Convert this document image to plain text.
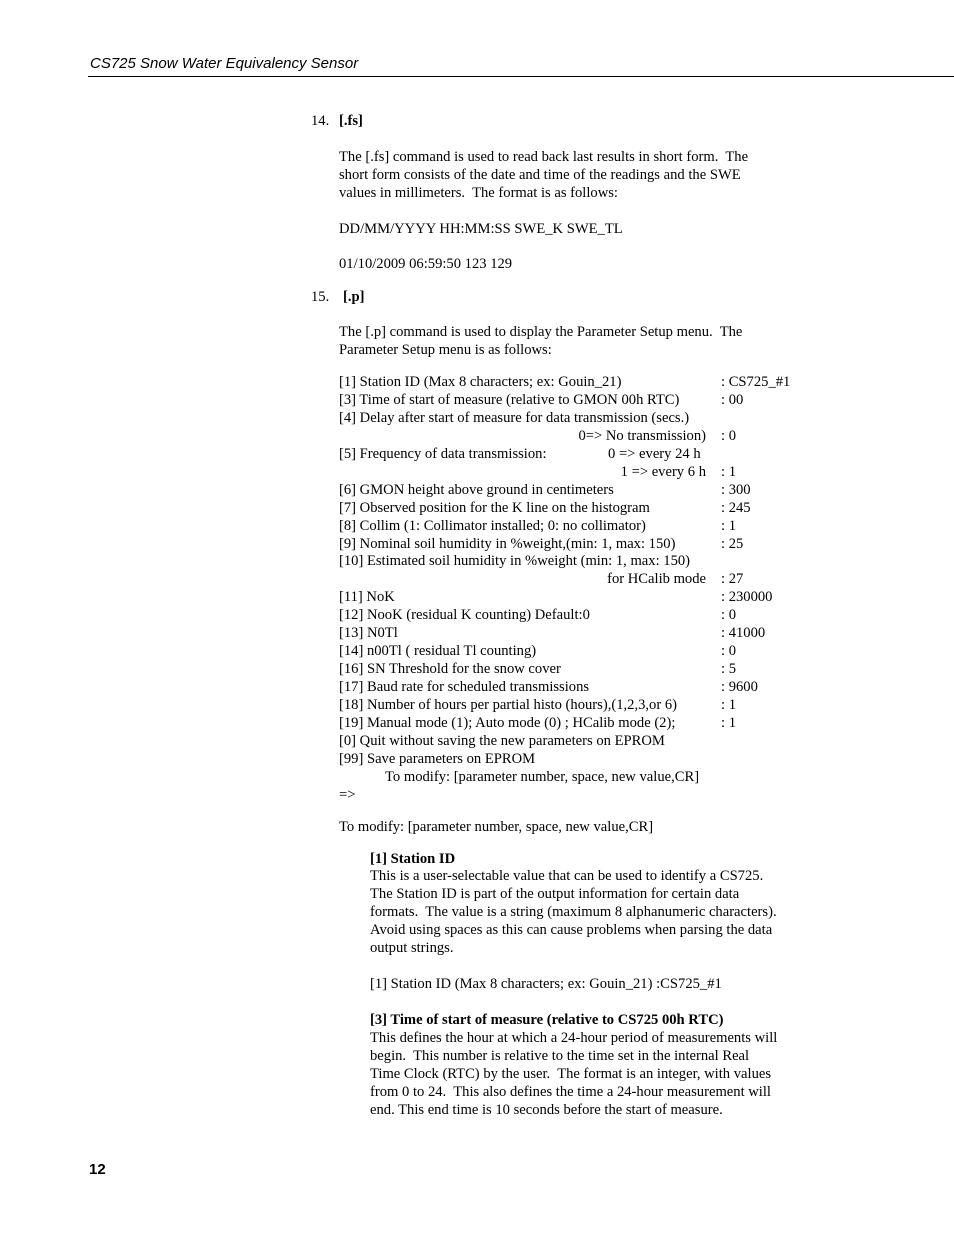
CS725 Snow Water Equivalency Sensor
14. [.fs]
The [.fs] command is used to read back last results in short form.  The
short form consists of the date and time of the readings and the SWE
values in millimeters.  The format is as follows:
DD/MM/YYYY HH:MM:SS SWE_K SWE_TL
01/10/2009 06:59:50 123 129
15. [.p]
The [.p] command is used to display the Parameter Setup menu.  The
Parameter Setup menu is as follows:
[1] Station ID (Max 8 characters; ex: Gouin_21)	: CS725_#1
[3] Time of start of measure (relative to GMON 00h RTC)	: 00
[4] Delay after start of measure for data transmission (secs.)
0=> No transmission) : 0
[5] Frequency of data transmission:	0 => every 24 h
1 => every 6 h : 1
[6] GMON height above ground in centimeters	: 300
[7] Observed position for the K line on the histogram	: 245
[8] Collim (1: Collimator installed; 0: no collimator)	: 1
[9] Nominal soil humidity in %weight,(min: 1, max: 150)	: 25
[10] Estimated soil humidity in %weight (min: 1, max: 150)
for HCalib mode : 27
[11] NoK	: 230000
[12] NooK (residual K counting) Default:0	: 0
[13] N0Tl	: 41000
[14] n00Tl ( residual Tl counting)	: 0
[16] SN Threshold for the snow cover	: 5
[17] Baud rate for scheduled transmissions	: 9600
[18] Number of hours per partial histo (hours),(1,2,3,or 6)	: 1
[19] Manual mode (1); Auto mode (0) ; HCalib mode (2);	: 1
[0] Quit without saving the new parameters on EPROM
[99] Save parameters on EPROM
To modify: [parameter number, space, new value,CR]
=>
To modify: [parameter number, space, new value,CR]
[1] Station ID
This is a user-selectable value that can be used to identify a CS725.
The Station ID is part of the output information for certain data
formats.  The value is a string (maximum 8 alphanumeric characters).
Avoid using spaces as this can cause problems when parsing the data
output strings.
[1] Station ID (Max 8 characters; ex: Gouin_21) :CS725_#1
[3] Time of start of measure (relative to CS725 00h RTC)
This defines the hour at which a 24-hour period of measurements will
begin.  This number is relative to the time set in the internal Real
Time Clock (RTC) by the user.  The format is an integer, with values
from 0 to 24.  This also defines the time a 24-hour measurement will
end. This end time is 10 seconds before the start of measure.
12
